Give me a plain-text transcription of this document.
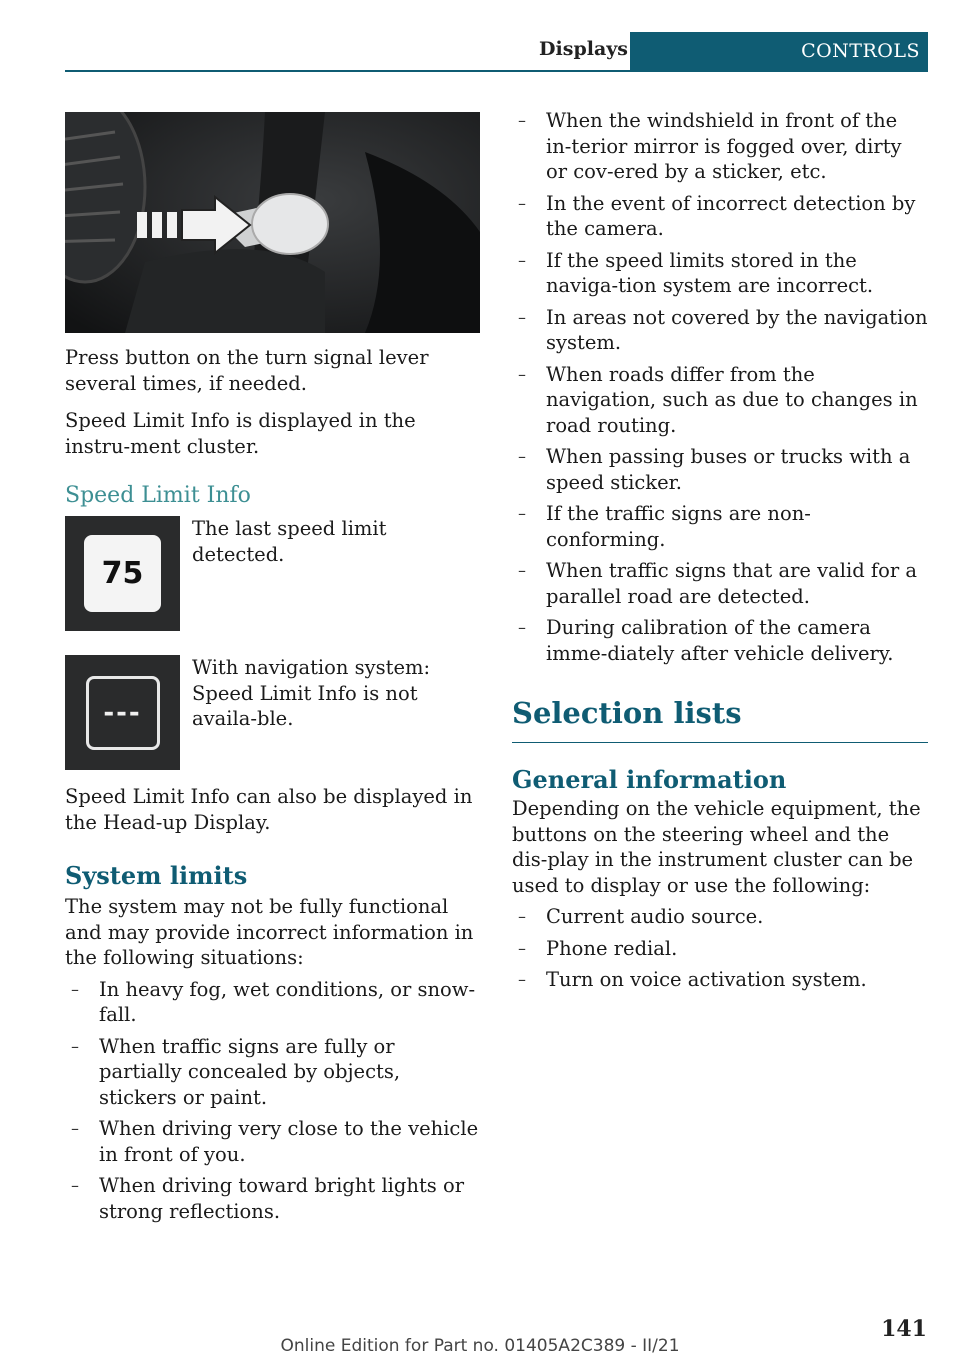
Displays	CONTROLS

Press button on the turn signal lever several times, if needed.

Speed Limit Info is displayed in the instru‐ment cluster.

Speed Limit Info
75

The last speed limit detected.

---

With navigation system: Speed Limit Info is not availa‐ble.

Speed Limit Info can also be displayed in the Head-up Display.

System limits

The system may not be fully functional and may provide incorrect information in the following situations:

–	In heavy fog, wet conditions, or snow‐fall.
–	When traffic signs are fully or partially concealed by objects, stickers or paint.
–	When driving very close to the vehicle in front of you.
–	When driving toward bright lights or strong reflections.
–	When the windshield in front of the in‐terior mirror is fogged over, dirty or cov‐ered by a sticker, etc.
–	In the event of incorrect detection by the camera.
–	If the speed limits stored in the naviga‐tion system are incorrect.
–	In areas not covered by the navigation system.
–	When roads differ from the navigation, such as due to changes in road routing.
–	When passing buses or trucks with a speed sticker.
–	If the traffic signs are non-conforming.
–	When traffic signs that are valid for a parallel road are detected.
–	During calibration of the camera imme‐diately after vehicle delivery.
Selection lists
General information

Depending on the vehicle equipment, the buttons on the steering wheel and the dis‐play in the instrument cluster can be used to display or use the following:

–	Current audio source.
–	Phone redial.
–	Turn on voice activation system.
141
Online Edition for Part no. 01405A2C389 - II/21
